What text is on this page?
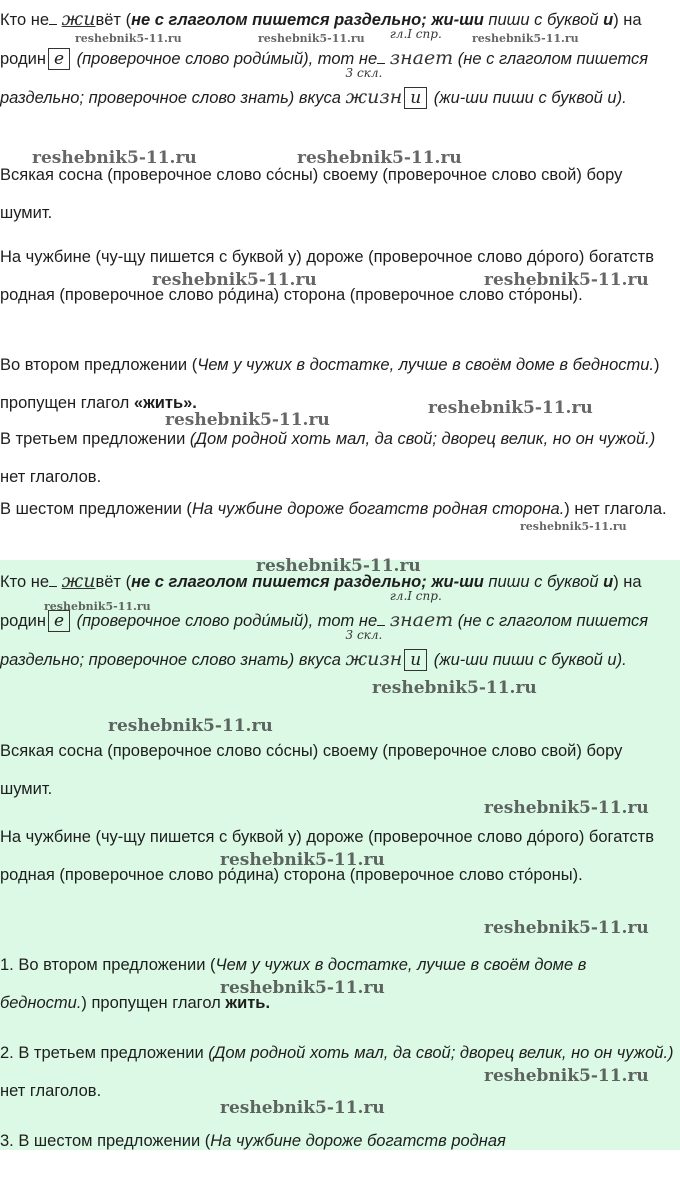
Кто не живёт (не с глаголом пишется раздельно; жи-ши пиши с буквой и) на родин е (проверочное слово роди́мый), тот не
гл.I спр.
знает (не с глаголом пишется раздельно; проверочное слово знать) вкуса
3 скл.
жизн и (жи-ши пиши с буквой и).
Всякая сосна (проверочное слово со́сны) своему (проверочное слово свой) бору шумит.
На чужбине (чу-щу пишется с буквой у) дороже (проверочное слово до́рого) богатств родная (проверочное слово ро́дина) сторона (проверочное слово сто́роны).
Во втором предложении (Чем у чужих в достатке, лучше в своём доме в бедности.) пропущен глагол «жить».
В третьем предложении (Дом родной хоть мал, да свой; дворец велик, но он чужой.) нет глаголов.
В шестом предложении (На чужбине дороже богатств родная сторона.) нет глагола.
Кто не живёт (не с глаголом пишется раздельно; жи-ши пиши с буквой и) на родин е (проверочное слово роди́мый), тот не
гл.I спр.
знает (не с глаголом пишется раздельно; проверочное слово знать) вкуса
3 скл.
жизн и (жи-ши пиши с буквой и).
Всякая сосна (проверочное слово со́сны) своему (проверочное слово свой) бору шумит.
На чужбине (чу-щу пишется с буквой у) дороже (проверочное слово до́рого) богатств родная (проверочное слово ро́дина) сторона (проверочное слово сто́роны).
1. Во втором предложении (Чем у чужих в достатке, лучше в своём доме в бедности.) пропущен глагол жить.
2. В третьем предложении (Дом родной хоть мал, да свой; дворец велик, но он чужой.) нет глаголов.
3. В шестом предложении (На чужбине дороже богатств родная
reshebnik5-11.ru	reshebnik5-11.ru	reshebnik5-11.ru
reshebnik5-11.ru	reshebnik5-11.ru
reshebnik5-11.ru	reshebnik5-11.ru
reshebnik5-11.ru
reshebnik5-11.ru
reshebnik5-11.ru
reshebnik5-11.ru
reshebnik5-11.ru
reshebnik5-11.ru
reshebnik5-11.ru
reshebnik5-11.ru
reshebnik5-11.ru
reshebnik5-11.ru
reshebnik5-11.ru
reshebnik5-11.ru
reshebnik5-11.ru
